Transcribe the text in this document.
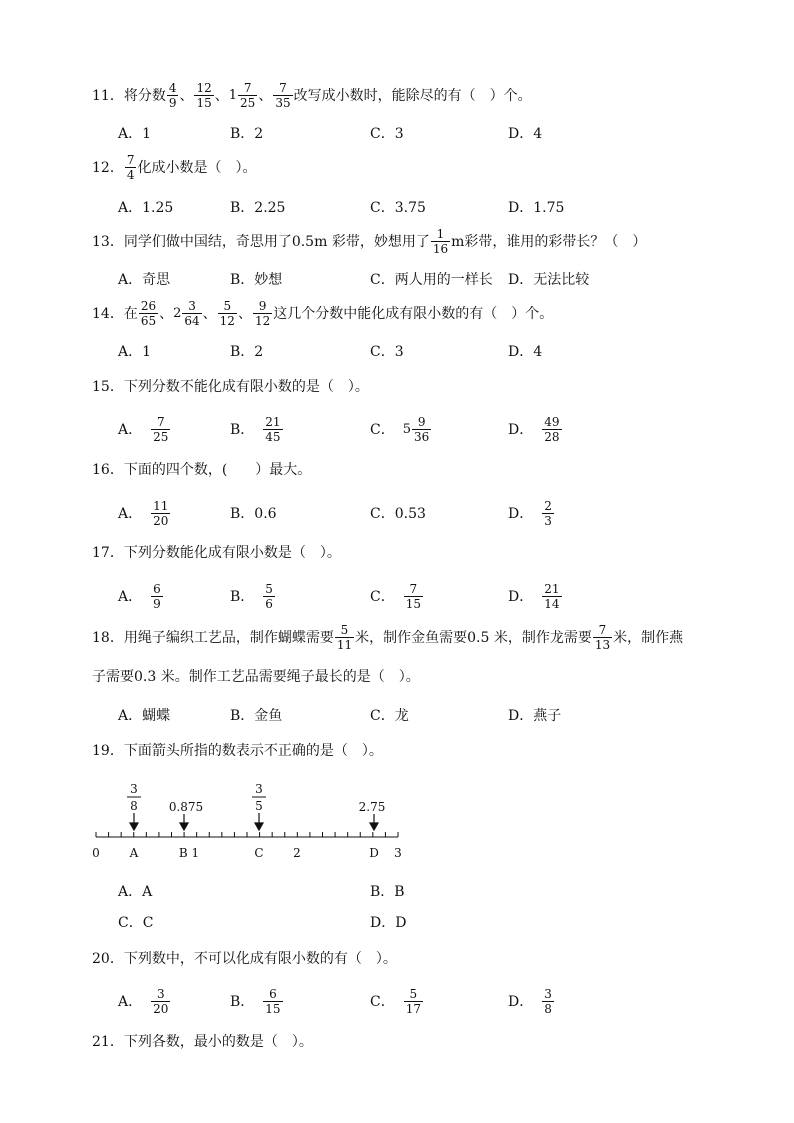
11． 将分数 4
9 、 12
15 、 1 7
25 、 7
35 改写成小数时，能除尽的有（　）个。
A．1	B．2	C．3	D．4
12． 7
4 化成小数是（　）。
A．1.25	B．2.25	C．3.75	D．1.75
13． 同学们做中国结，奇思用了0.5m 彩带，妙想用了 1
16 m彩带，谁用的彩带长？（　）
A．奇思	B．妙想	C．两人用的一样长 D．无法比较
14． 在 26
65 、 2 3
64 、 5
12 、 9
12 这几个分数中能化成有限小数的有（　）个。
A．1	B．2	C．3	D．4
15． 下列分数不能化成有限小数的是（　）。
A．
7
25	B．
21
45	C． 5 9
36	D．
49
28
16． 下面的四个数，(　　）最大。
A．
11
20	B．0.6	C．0.53	D．
2
3
17． 下列分数能化成有限小数是（　）。
A．
6
9	B．
5
6	C．
7
15	D．
21
14
18． 用绳子编织工艺品，制作蝴蝶需要 5
11 米，制作金鱼需要0.5 米，制作龙需要 7
13 米，制作燕
子需要0.3 米。制作工艺品需要绳子最长的是（　）。
A．蝴蝶	B．金鱼	C．龙	D．燕子
19． 下面箭头所指的数表示不正确的是（　）。
3
8	0.875
3
5	2.75
0 A	B 1	C 2	D 3
A．A	B．B
C．C	D．D
20． 下列数中，不可以化成有限小数的有（　）。
A．
3
20	B．
6
15	C．
5
17	D．
3
8
21． 下列各数，最小的数是（　）。
